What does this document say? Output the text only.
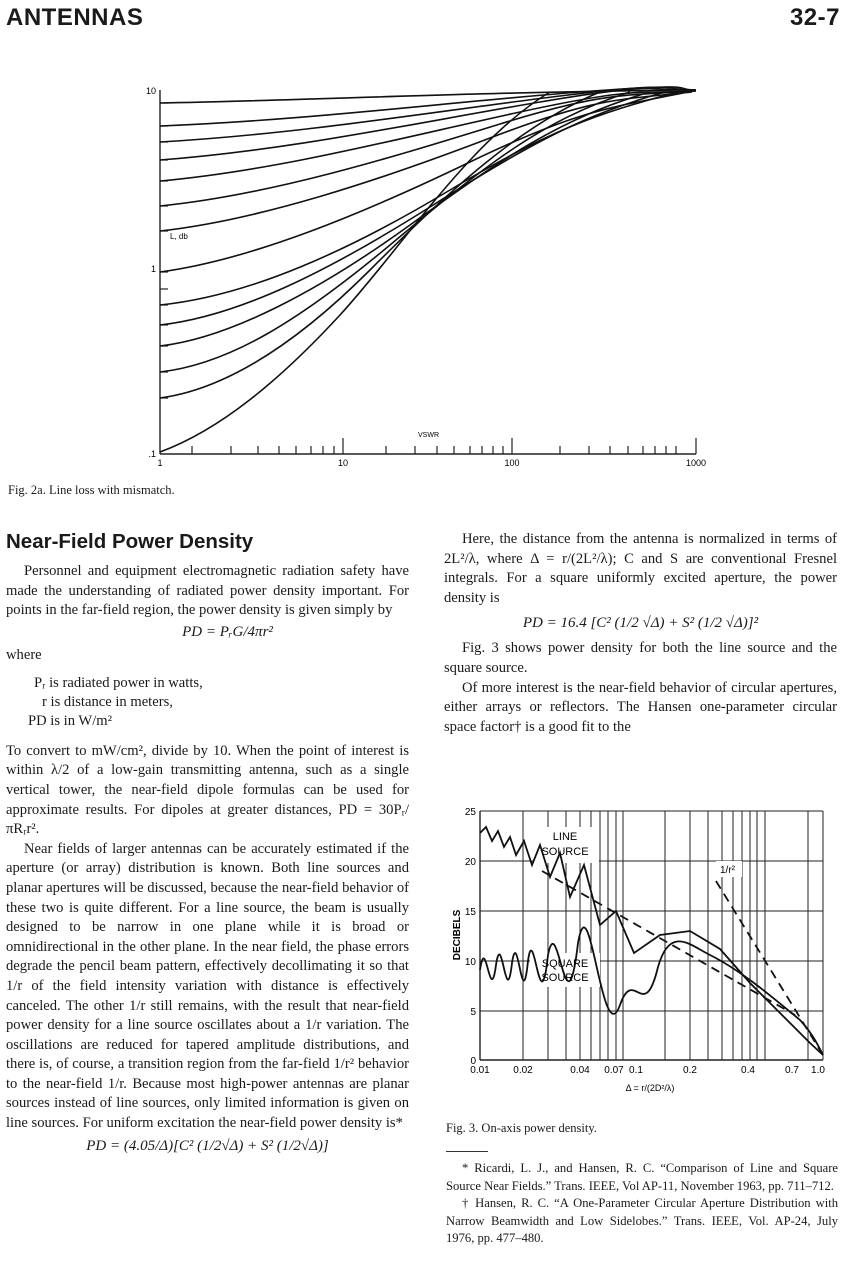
ANTENNAS	32-7
.1
1
10
1	10	100	1000
L, db
VSWR
Fig. 2a. Line loss with mismatch.
Near-Field Power Density

Personnel and equipment electromagnetic radiation safety have made the understanding of radiated power density important. For points in the far-field region, the power density is given simply by

PD = PᵣG/4πr²
where
Pᵣ is radiated power in watts,
r is distance in meters,
PD is in W/m²

To convert to mW/cm², divide by 10. When the point of interest is within λ/2 of a low-gain transmitting antenna, such as a single vertical tower, the near-field dipole formulas can be used for approximate results. For dipoles at greater distances, PD = 30Pᵣ/πRᵣr².

Near fields of larger antennas can be accurately estimated if the aperture (or array) distribution is known. Both line sources and planar apertures will be discussed, because the near-field behavior of these two is quite different. For a line source, the beam is usually designed to be narrow in one plane while it is broad or omnidirectional in the other plane. In the near field, the phase errors degrade the pencil beam pattern, effectively decollimating it so that 1/r of the field intensity variation with distance is effectively canceled. The other 1/r still remains, with the result that near-field power density for a line source oscillates about a 1/r variation. The oscillations are reduced for tapered amplitude distributions, and there is, of course, a transition region from the far-field 1/r² behavior to the near-field 1/r. Because most high-power antennas are planar sources instead of line sources, only limited information is given on line sources. For uniform excitation the near-field power density is*

PD = (4.05/Δ)[C² (1/2√Δ) + S² (1/2√Δ)]

Here, the distance from the antenna is normalized in terms of 2L²/λ, where Δ = r/(2L²/λ); C and S are conventional Fresnel integrals. For a square uniformly excited aperture, the power density is

PD = 16.4 [C² (1/2 √Δ) + S² (1/2 √Δ)]²

Fig. 3 shows power density for both the line source and the square source.

Of more interest is the near-field behavior of circular apertures, either arrays or reflectors. The Hansen one-parameter circular space factor† is a good fit to the

0
5
10
15
20
25
DECIBELS
LINE
SOURCE
SQUARE
SOURCE
1/r²
0.01 0.02	0.04 0.07 0.1	0.2	0.4	0.7 1.0
Δ = r/(2D²/λ)
Fig. 3. On-axis power density.

* Ricardi, L. J., and Hansen, R. C. “Comparison of Line and Square Source Near Fields.” Trans. IEEE, Vol AP-11, November 1963, pp. 711–712.

† Hansen, R. C. “A One-Parameter Circular Aperture Distribution with Narrow Beamwidth and Low Sidelobes.” Trans. IEEE, Vol. AP-24, July 1976, pp. 477–480.
